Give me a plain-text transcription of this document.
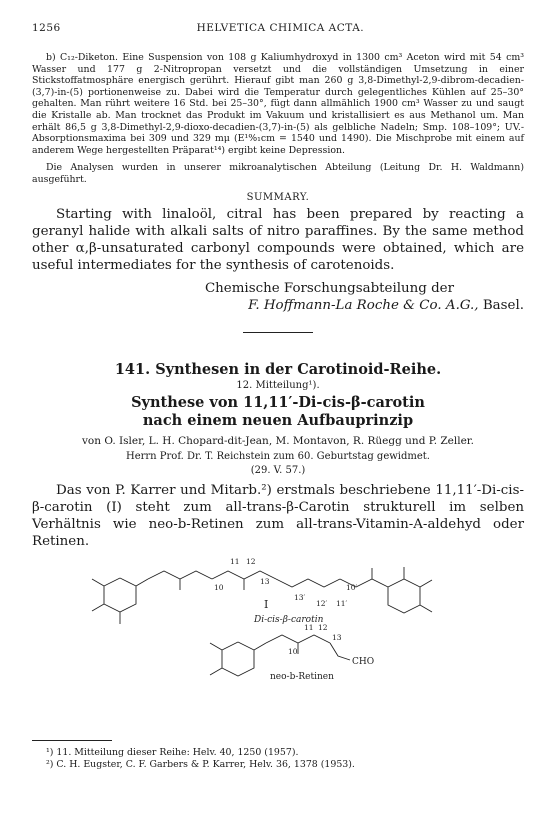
1256	HELVETICA CHIMICA ACTA.

b) C₁₂-Diketon. Eine Suspension von 108 g Kaliumhydroxyd in 1300 cm³ Aceton wird mit 54 cm³ Wasser und 177 g 2-Nitropropan versetzt und die vollständigen Umsetzung in einer Stickstoffatmosphäre energisch gerührt. Hierauf gibt man 260 g 3,8-Dimethyl-2,9-dibrom-decadien-(3,7)-in-(5) portionenweise zu. Dabei wird die Temperatur durch gelegentliches Kühlen auf 25–30° gehalten. Man rührt weitere 16 Std. bei 25–30°, fügt dann allmählich 1900 cm³ Wasser zu und saugt die Kristalle ab. Man trocknet das Produkt im Vakuum und kristallisiert es aus Methanol um. Man erhält 86,5 g 3,8-Dimethyl-2,9-dioxo-decadien-(3,7)-in-(5) als gelbliche Nadeln; Smp. 108–109°; UV.-Absorptionsmaxima bei 309 und 329 mμ (E¹%₁cm = 1540 und 1490). Die Mischprobe mit einem auf anderem Wege hergestellten Präparat¹⁴) ergibt keine Depression.

Die Analysen wurden in unserer mikroanalytischen Abteilung (Leitung Dr. H. Waldmann) ausgeführt.

SUMMARY.

Starting with linaloöl, citral has been prepared by reacting a geranyl halide with alkali salts of nitro paraffines. By the same method other α,β-unsaturated carbonyl compounds were obtained, which are useful intermediates for the synthesis of carotenoids.

Chemische Forschungsabteilung der
F. Hoffmann-La Roche & Co. A.G., Basel.
141. Synthesen in der Carotinoid-Reihe.
12. Mitteilung¹).
Synthese von 11,11′-Di-cis-β-carotin
nach einem neuen Aufbauprinzip
von O. Isler, L. H. Chopard-dit-Jean, M. Montavon, R. Rüegg und P. Zeller.
Herrn Prof. Dr. T. Reichstein zum 60. Geburtstag gewidmet.
(29. V. 57.)

Das von P. Karrer und Mitarb.²) erstmals beschriebene 11,11′-Di-cis-β-carotin (I) steht zum all-trans-β-Carotin strukturell im selben Verhältnis wie neo-b-Retinen zum all-trans-Vitamin-A-aldehyd oder Retinen.

11 12
10
13
10′
13′
12′ 11′
I
Di-cis-β-carotin
11 12
10
13
CHO
neo-b-Retinen
¹) 11. Mitteilung dieser Reihe: Helv. 40, 1250 (1957).
²) C. H. Eugster, C. F. Garbers & P. Karrer, Helv. 36, 1378 (1953).
